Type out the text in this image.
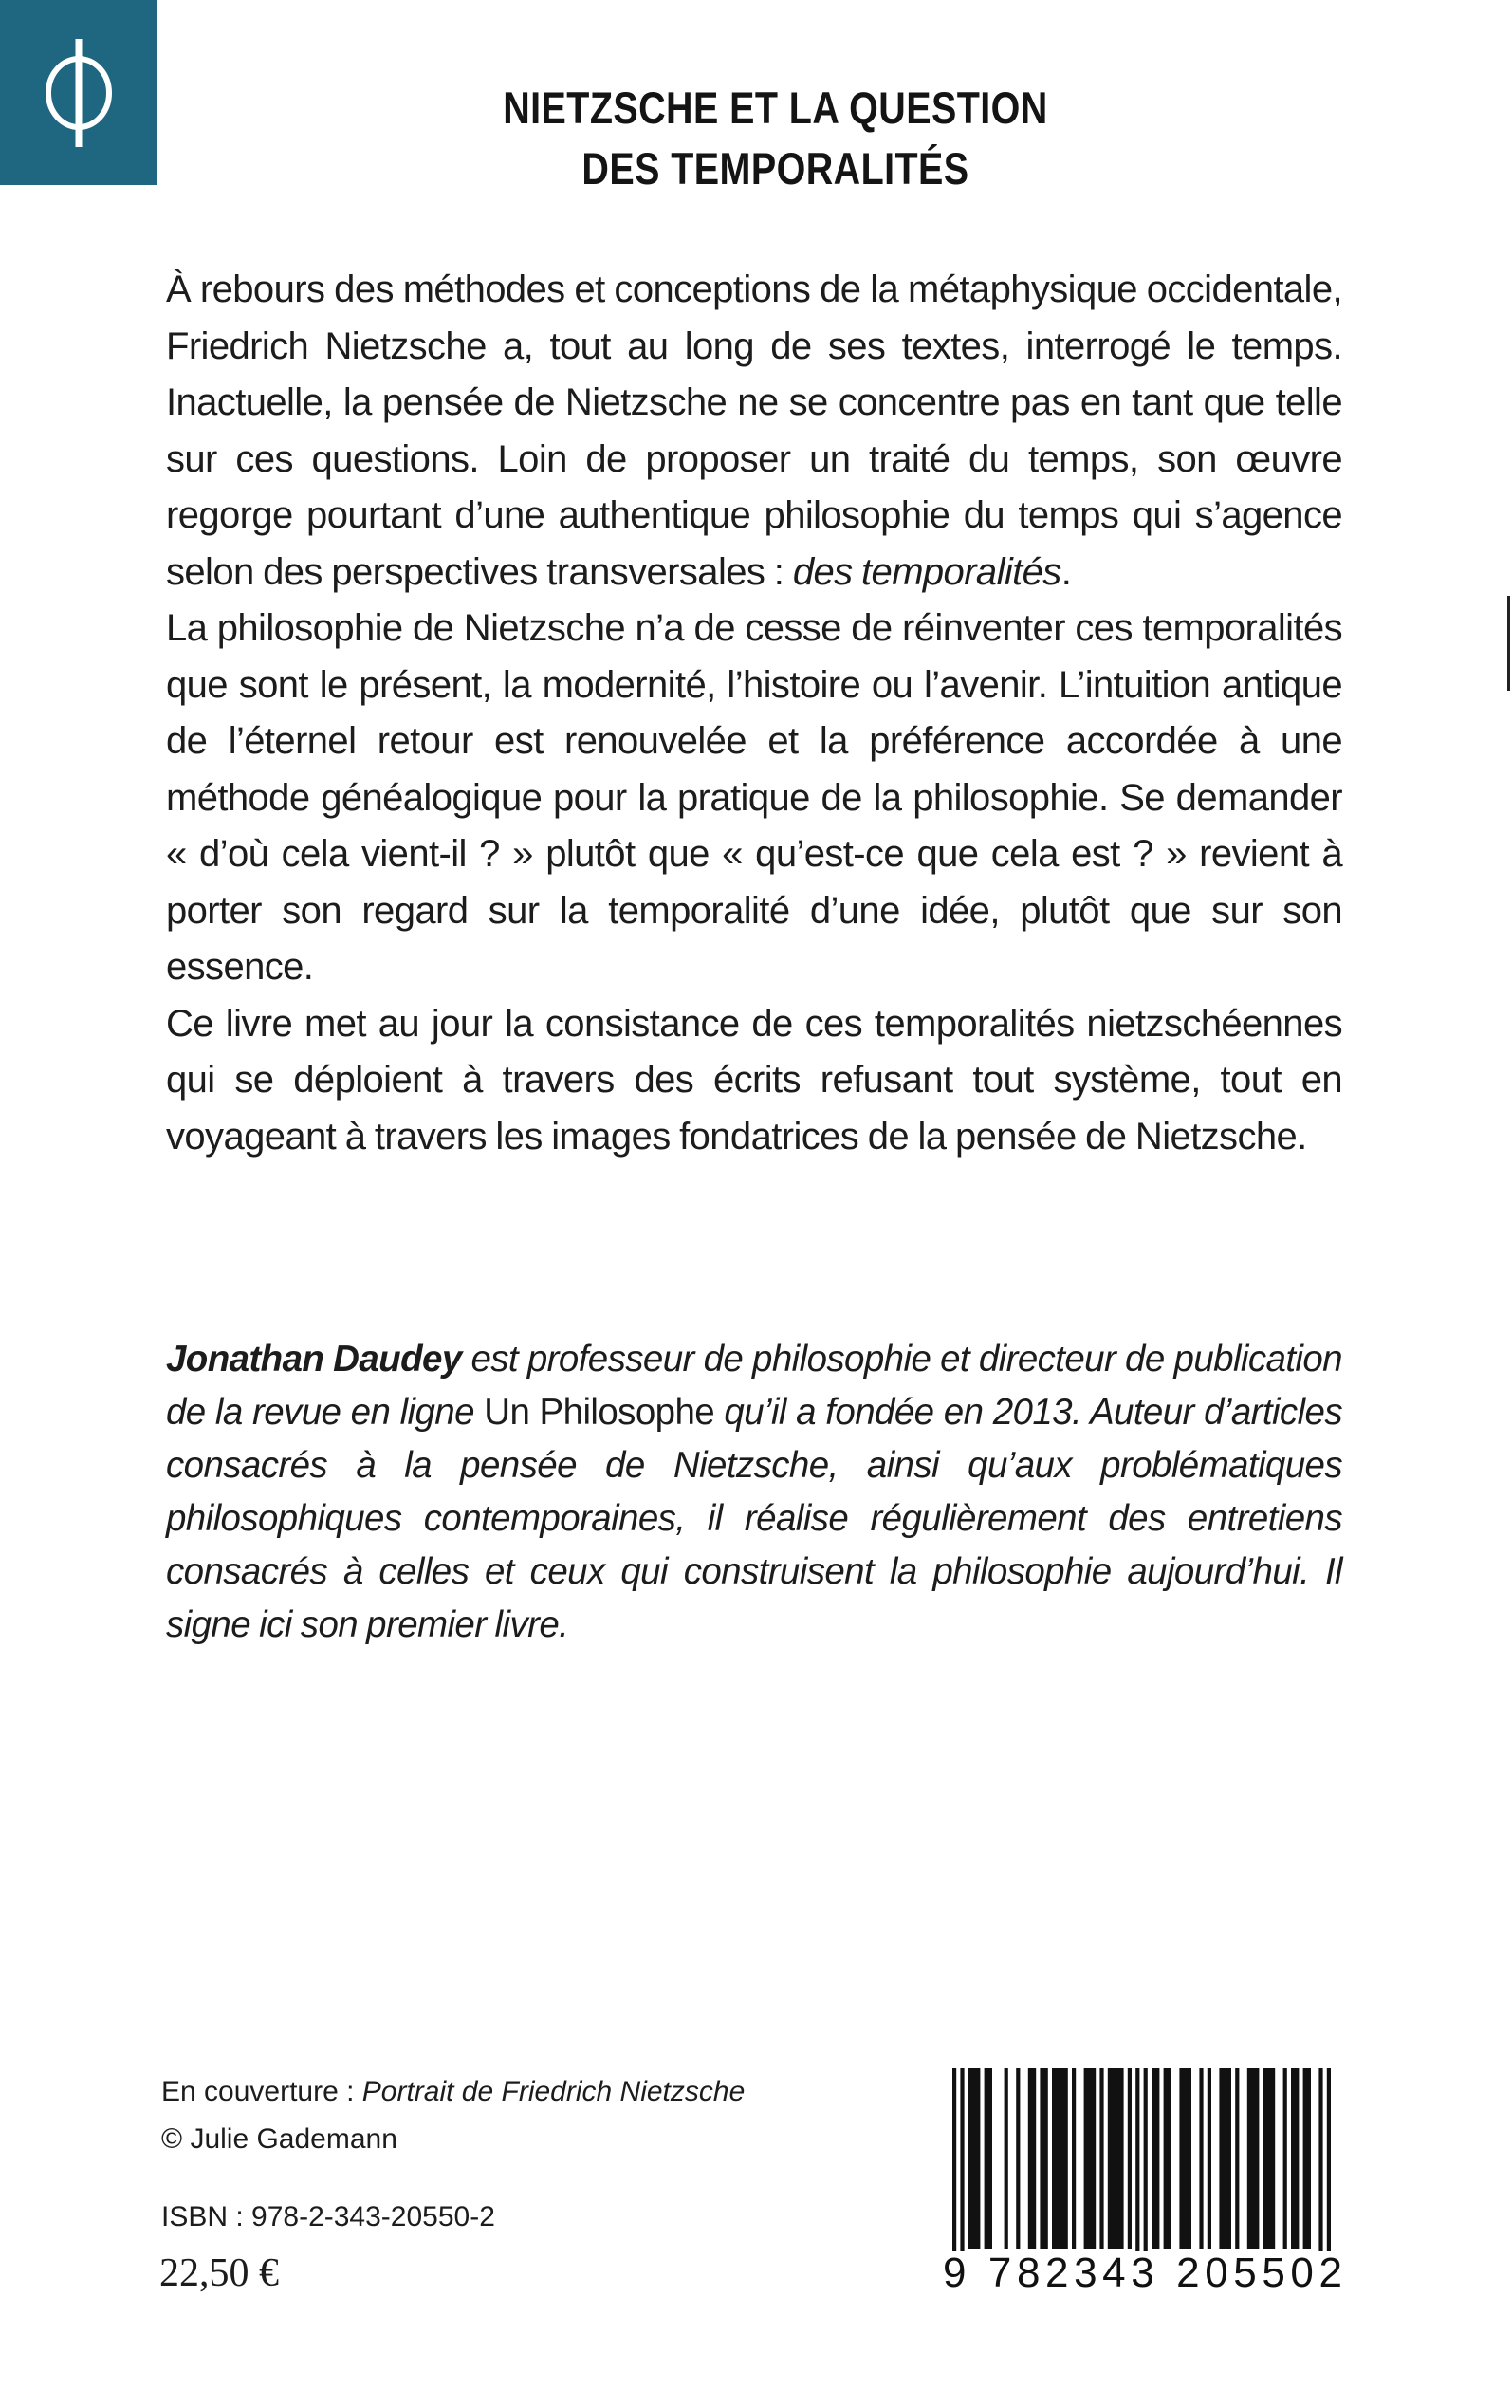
NIETZSCHE ET LA QUESTION
DES TEMPORALITÉS

À rebours des méthodes et conceptions de la métaphysique occidentale, Friedrich Nietzsche a, tout au long de ses textes, interrogé le temps. Inactuelle, la pensée de Nietzsche ne se concentre pas en tant que telle sur ces questions. Loin de proposer un traité du temps, son œuvre regorge pourtant d’une authentique philosophie du temps qui s’agence selon des perspectives transversales : des temporalités.

La philosophie de Nietzsche n’a de cesse de réinventer ces temporalités que sont le présent, la modernité, l’histoire ou l’avenir. L’intuition antique de l’éternel retour est renouvelée et la préférence accordée à une méthode généalogique pour la pratique de la philosophie. Se demander « d’où cela vient-il ? » plutôt que « qu’est-ce que cela est ? » revient à porter son regard sur la temporalité d’une idée, plutôt que sur son essence.

Ce livre met au jour la consistance de ces temporalités nietzschéennes qui se déploient à travers des écrits refusant tout système, tout en voyageant à travers les images fondatrices de la pensée de Nietzsche.

Jonathan Daudey est professeur de philosophie et directeur de publication de la revue en ligne Un Philosophe qu’il a fondée en 2013. Auteur d’articles consacrés à la pensée de Nietzsche, ainsi qu’aux problématiques philosophiques contemporaines, il réalise régulièrement des entretiens consacrés à celles et ceux qui construisent la philosophie aujourd’hui. Il signe ici son premier livre.
En couverture : Portrait de Friedrich Nietzsche
© Julie Gademann
ISBN : 978-2-343-20550-2
22,50 €	9 782343 205502
